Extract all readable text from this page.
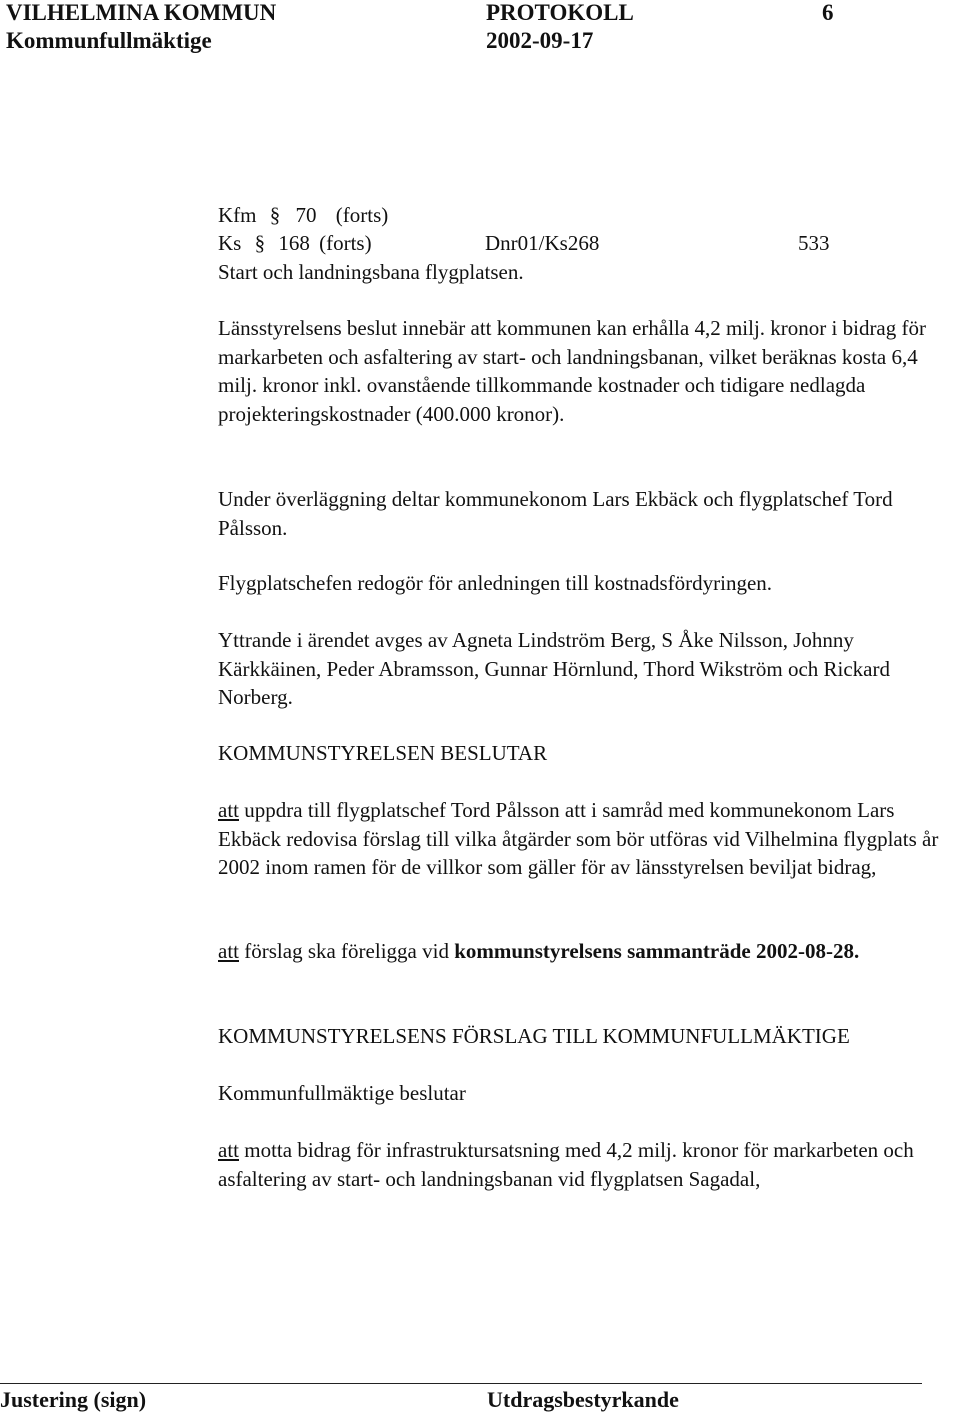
VILHELMINA KOMMUN	PROTOKOLL	6
Kommunfullmäktige	2002-09-17
Kfm § 70 (forts)
Ks § 168 (forts)	Dnr01/Ks268	533
Start och landningsbana flygplatsen.

Länsstyrelsens beslut innebär att kommunen kan erhålla 4,2 milj. kronor i bidrag för markarbeten och asfaltering av start- och landningsbanan, vilket beräknas kosta 6,4 milj. kronor inkl. ovanstående tillkommande kostnader och tidigare nedlagda projekteringskostnader (400.000 kronor).

Under överläggning deltar kommunekonom Lars Ekbäck och flygplatschef Tord Pålsson.

Flygplatschefen redogör för anledningen till kostnadsfördyringen.

Yttrande i ärendet avges av Agneta Lindström Berg, S Åke Nilsson, Johnny Kärkkäinen, Peder Abramsson, Gunnar Hörnlund, Thord Wikström och Rickard Norberg.

KOMMUNSTYRELSEN BESLUTAR

att uppdra till flygplatschef Tord Pålsson att i samråd med kommunekonom Lars Ekbäck redovisa förslag till vilka åtgärder som bör utföras vid Vilhelmina flygplats år 2002 inom ramen för de villkor som gäller för av länsstyrelsen beviljat bidrag,

att förslag ska föreligga vid kommunstyrelsens sammanträde 2002-08-28.

KOMMUNSTYRELSENS FÖRSLAG TILL KOMMUNFULLMÄKTIGE
Kommunfullmäktige beslutar

att motta bidrag för infrastruktursatsning med 4,2 milj. kronor för markarbeten och asfaltering av start- och landningsbanan vid flygplatsen Sagadal,

Justering (sign)	Utdragsbestyrkande
